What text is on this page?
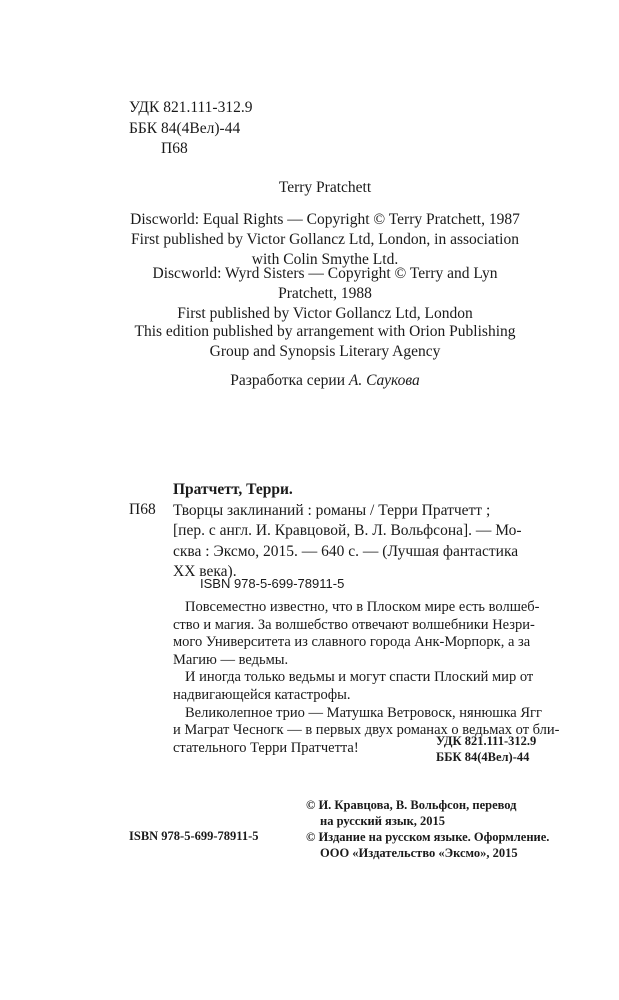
УДК 821.111-312.9
ББК 84(4Вел)-44
П68
Terry Pratchett
Discworld: Equal Rights — Copyright © Terry Pratchett, 1987
First published by Victor Gollancz Ltd, London, in association
with Colin Smythe Ltd.
Discworld: Wyrd Sisters — Copyright © Terry and Lyn
Pratchett, 1988
First published by Victor Gollancz Ltd, London
This edition published by arrangement with Orion Publishing
Group and Synopsis Literary Agency
Разработка серии А. Саукова
Пратчетт, Терри.
Творцы заклинаний : романы / Терри Пратчетт ;
[пер. с англ. И. Кравцовой, В. Л. Вольфсона]. — Мо-
сква : Эксмо, 2015. — 640 с. — (Лучшая фантастика
XX века).
П68
ISBN 978-5-699-78911-5
Повсеместно известно, что в Плоском мире есть волшеб-
ство и магия. За волшебство отвечают волшебники Незри-
мого Университета из славного города Анк-Морпорк, а за
Магию — ведьмы.
И иногда только ведьмы и могут спасти Плоский мир от
надвигающейся катастрофы.
Великолепное трио — Матушка Ветровоск, нянюшка Ягг
и Маграт Чесногк — в первых двух романах о ведьмах от бли-
стательного Терри Пратчетта!	УДК 821.111-312.9
ББК 84(4Вел)-44
© И. Кравцова, В. Вольфсон, перевод
на русский язык, 2015
© Издание на русском языке. Оформление.
ООО «Издательство «Эксмо», 2015
ISBN 978-5-699-78911-5
